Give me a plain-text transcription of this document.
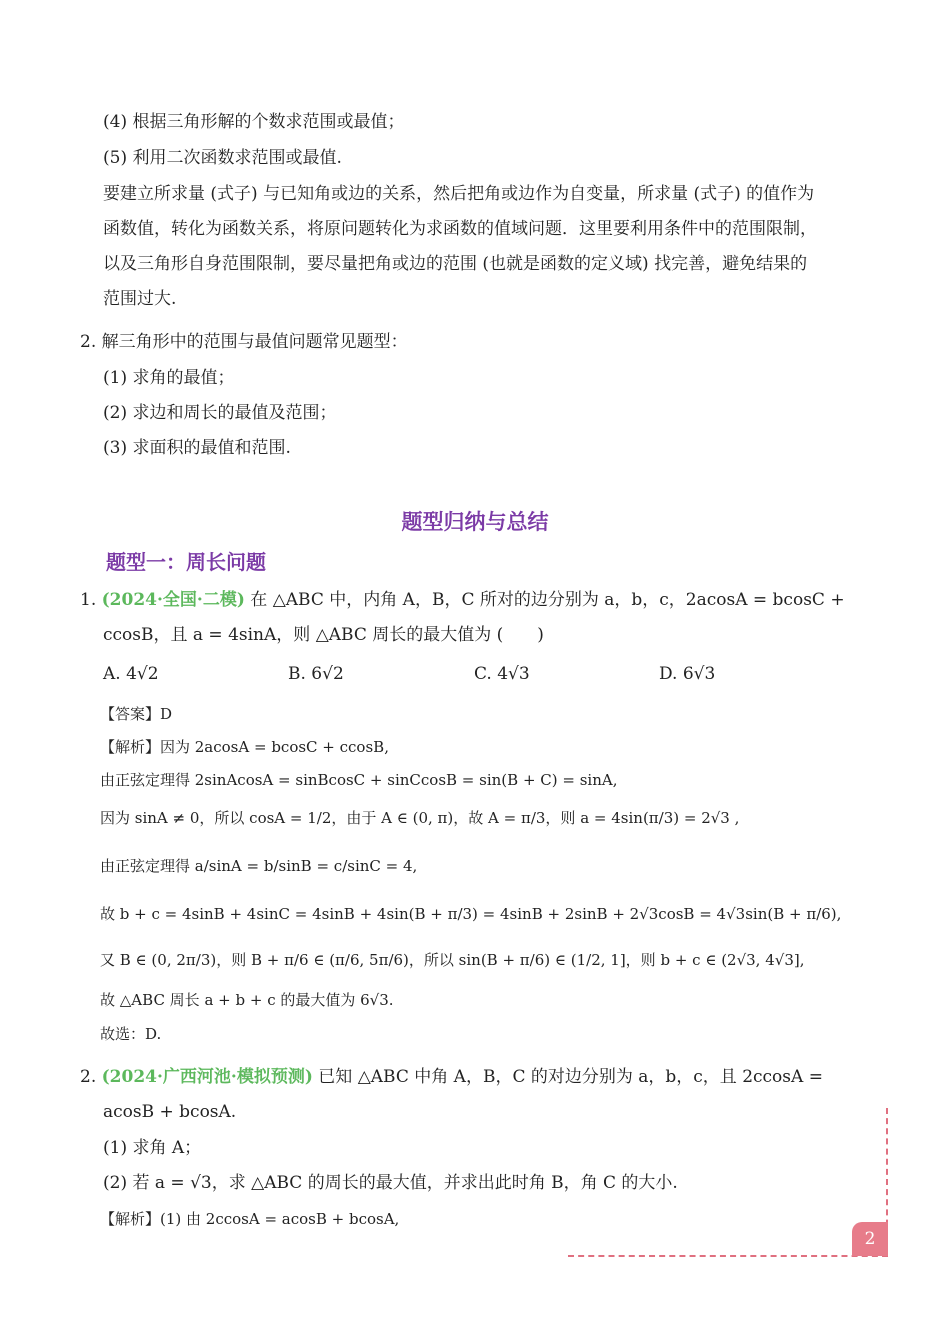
(4) 根据三角形解的个数求范围或最值；
(5) 利用二次函数求范围或最值.
要建立所求量 (式子) 与已知角或边的关系，然后把角或边作为自变量，所求量 (式子) 的值作为
函数值，转化为函数关系，将原问题转化为求函数的值域问题．这里要利用条件中的范围限制，
以及三角形自身范围限制，要尽量把角或边的范围 (也就是函数的定义域) 找完善，避免结果的
范围过大.
2. 解三角形中的范围与最值问题常见题型：
(1) 求角的最值；
(2) 求边和周长的最值及范围；
(3) 求面积的最值和范围.
题型归纳与总结
题型一：周长问题
1. (2024·全国·二模) 在 △ABC 中，内角 A，B，C 所对的边分别为 a，b，c，2acosA = bcosC +
ccosB，且 a = 4sinA，则 △ABC 周长的最大值为 (　　)
A. 4√2	B. 6√2	C. 4√3	D. 6√3
【答案】D
【解析】因为 2acosA = bcosC + ccosB,
由正弦定理得 2sinAcosA = sinBcosC + sinCcosB = sin(B + C) = sinA,
因为 sinA ≠ 0，所以 cosA = 1/2，由于 A ∈ (0, π)，故 A = π/3，则 a = 4sin(π/3) = 2√3 ,
由正弦定理得 a/sinA = b/sinB = c/sinC = 4,
故 b + c = 4sinB + 4sinC = 4sinB + 4sin(B + π/3) = 4sinB + 2sinB + 2√3cosB = 4√3sin(B + π/6),
又 B ∈ (0, 2π/3)，则 B + π/6 ∈ (π/6, 5π/6)，所以 sin(B + π/6) ∈ (1/2, 1]，则 b + c ∈ (2√3, 4√3],
故 △ABC 周长 a + b + c 的最大值为 6√3.
故选：D.
2. (2024·广西河池·模拟预测) 已知 △ABC 中角 A，B，C 的对边分别为 a，b，c，且 2ccosA =
acosB + bcosA.
(1) 求角 A；
(2) 若 a = √3，求 △ABC 的周长的最大值，并求出此时角 B，角 C 的大小.
【解析】(1) 由 2ccosA = acosB + bcosA,
2
